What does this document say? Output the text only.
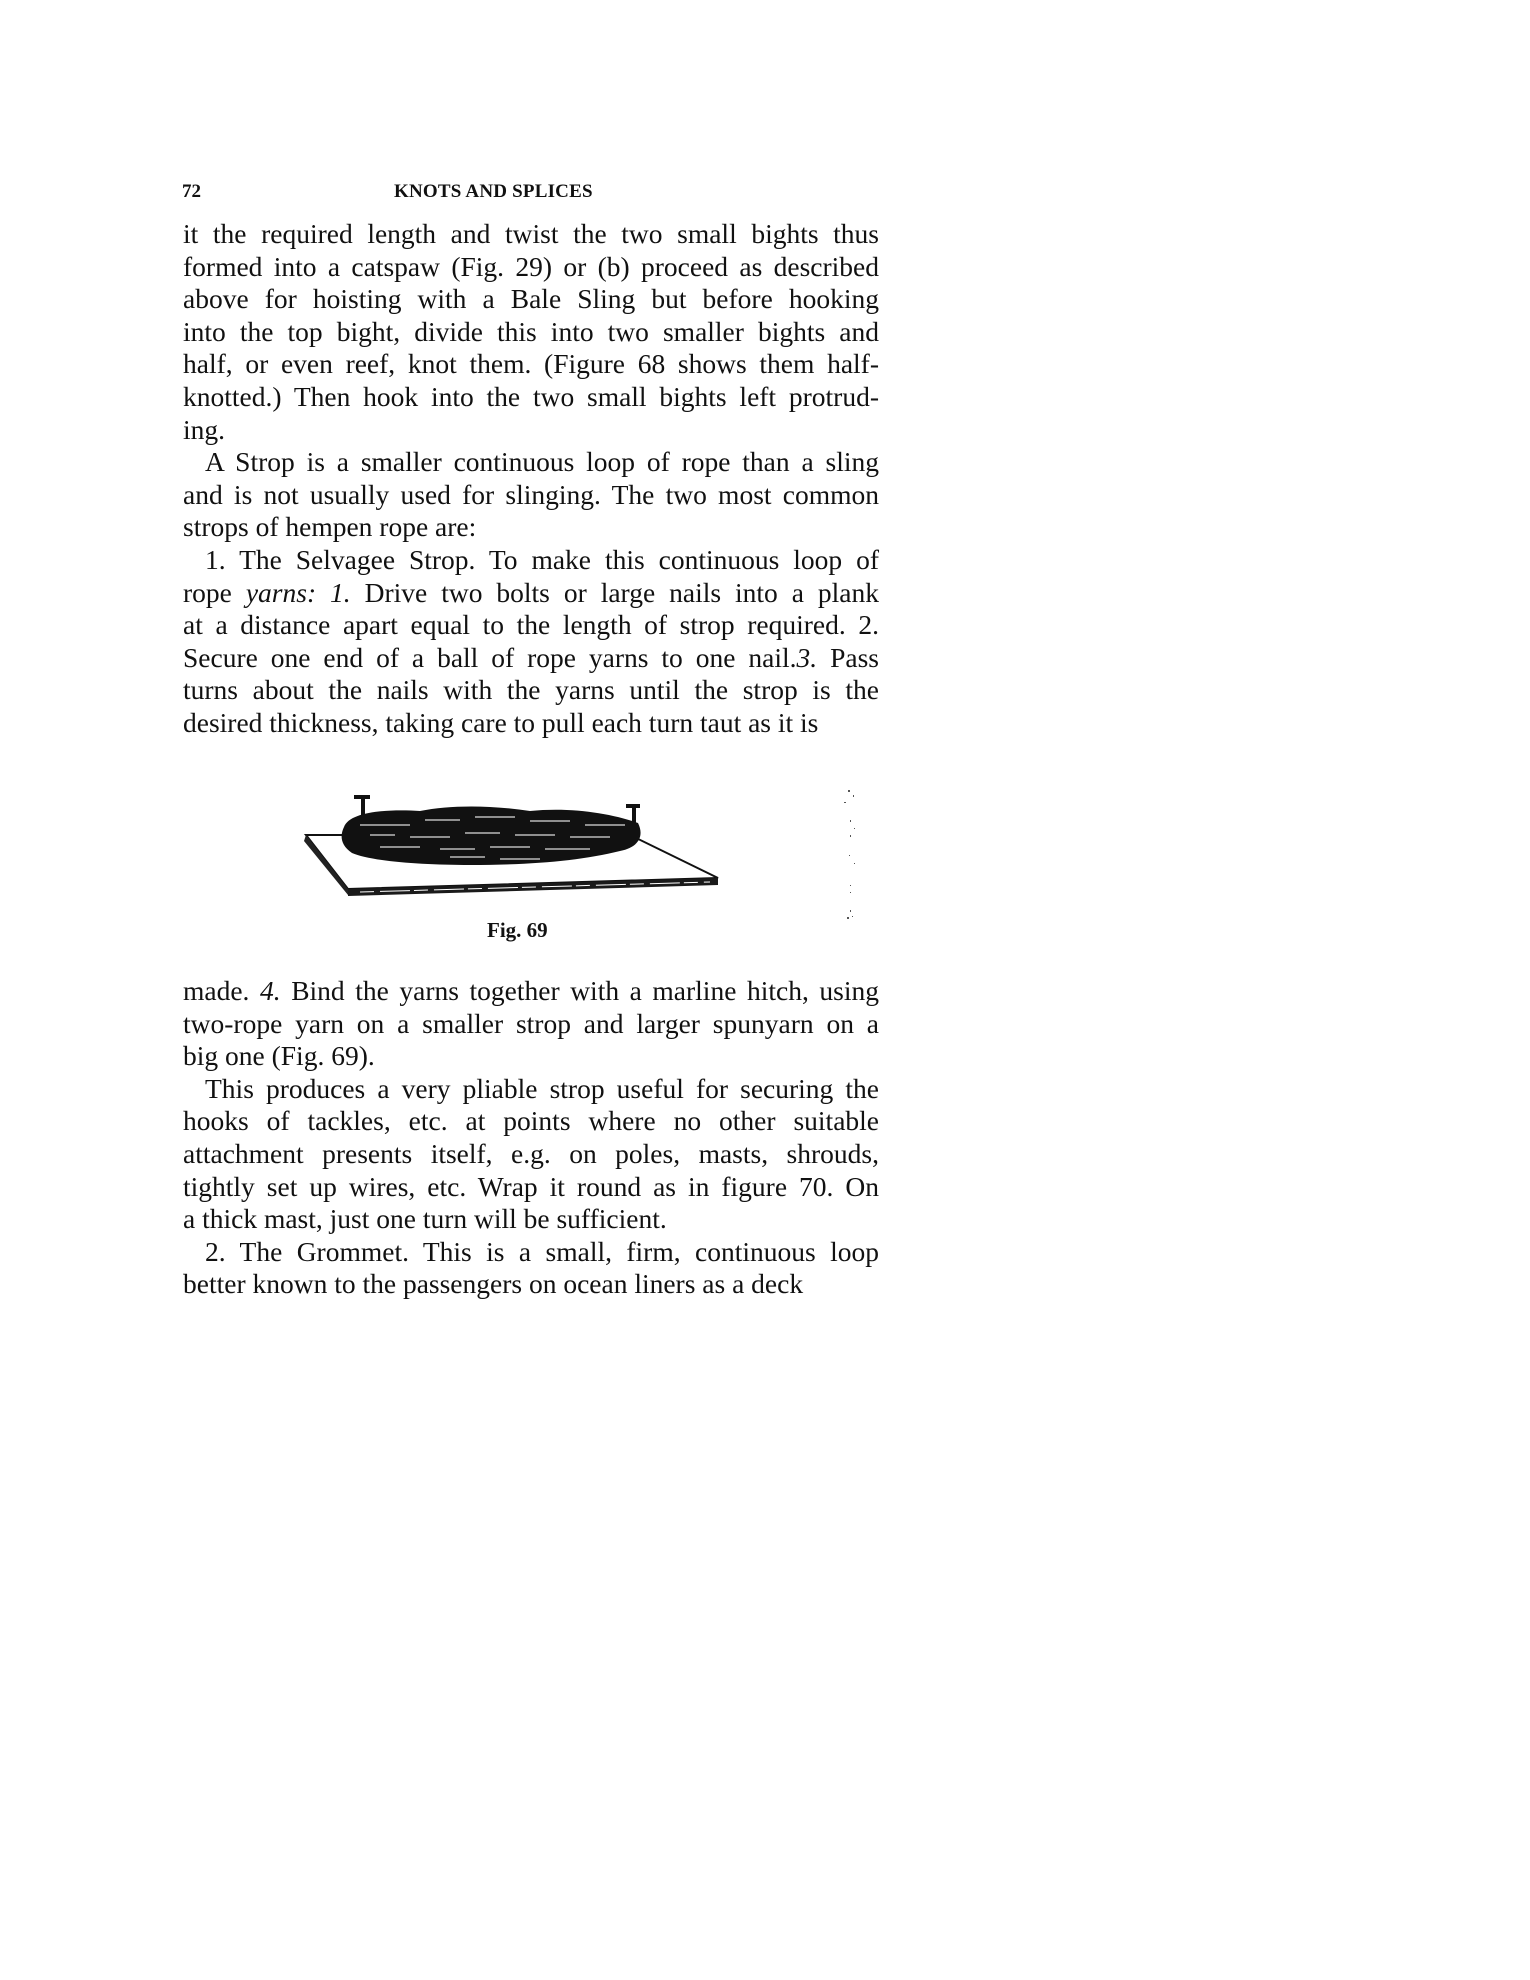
72	KNOTS AND SPLICES
it the required length and twist the two small bights thus
formed into a catspaw (Fig. 29) or (b) proceed as described
above for hoisting with a Bale Sling but before hooking
into the top bight, divide this into two smaller bights and
half, or even reef, knot them. (Figure 68 shows them half-
knotted.) Then hook into the two small bights left protrud-
ing.
A Strop is a smaller continuous loop of rope than a sling
and is not usually used for slinging. The two most common
strops of hempen rope are:
1. The Selvagee Strop. To make this continuous loop of
rope yarns: 1. Drive two bolts or large nails into a plank
at a distance apart equal to the length of strop required. 2.
Secure one end of a ball of rope yarns to one nail.3. Pass
turns about the nails with the yarns until the strop is the
desired thickness, taking care to pull each turn taut as it is
Fig. 69
made. 4. Bind the yarns together with a marline hitch, using
two-rope yarn on a smaller strop and larger spunyarn on a
big one (Fig. 69).
This produces a very pliable strop useful for securing the
hooks of tackles, etc. at points where no other suitable
attachment presents itself, e.g. on poles, masts, shrouds,
tightly set up wires, etc. Wrap it round as in figure 70. On
a thick mast, just one turn will be sufficient.
2. The Grommet. This is a small, firm, continuous loop
better known to the passengers on ocean liners as a deck
